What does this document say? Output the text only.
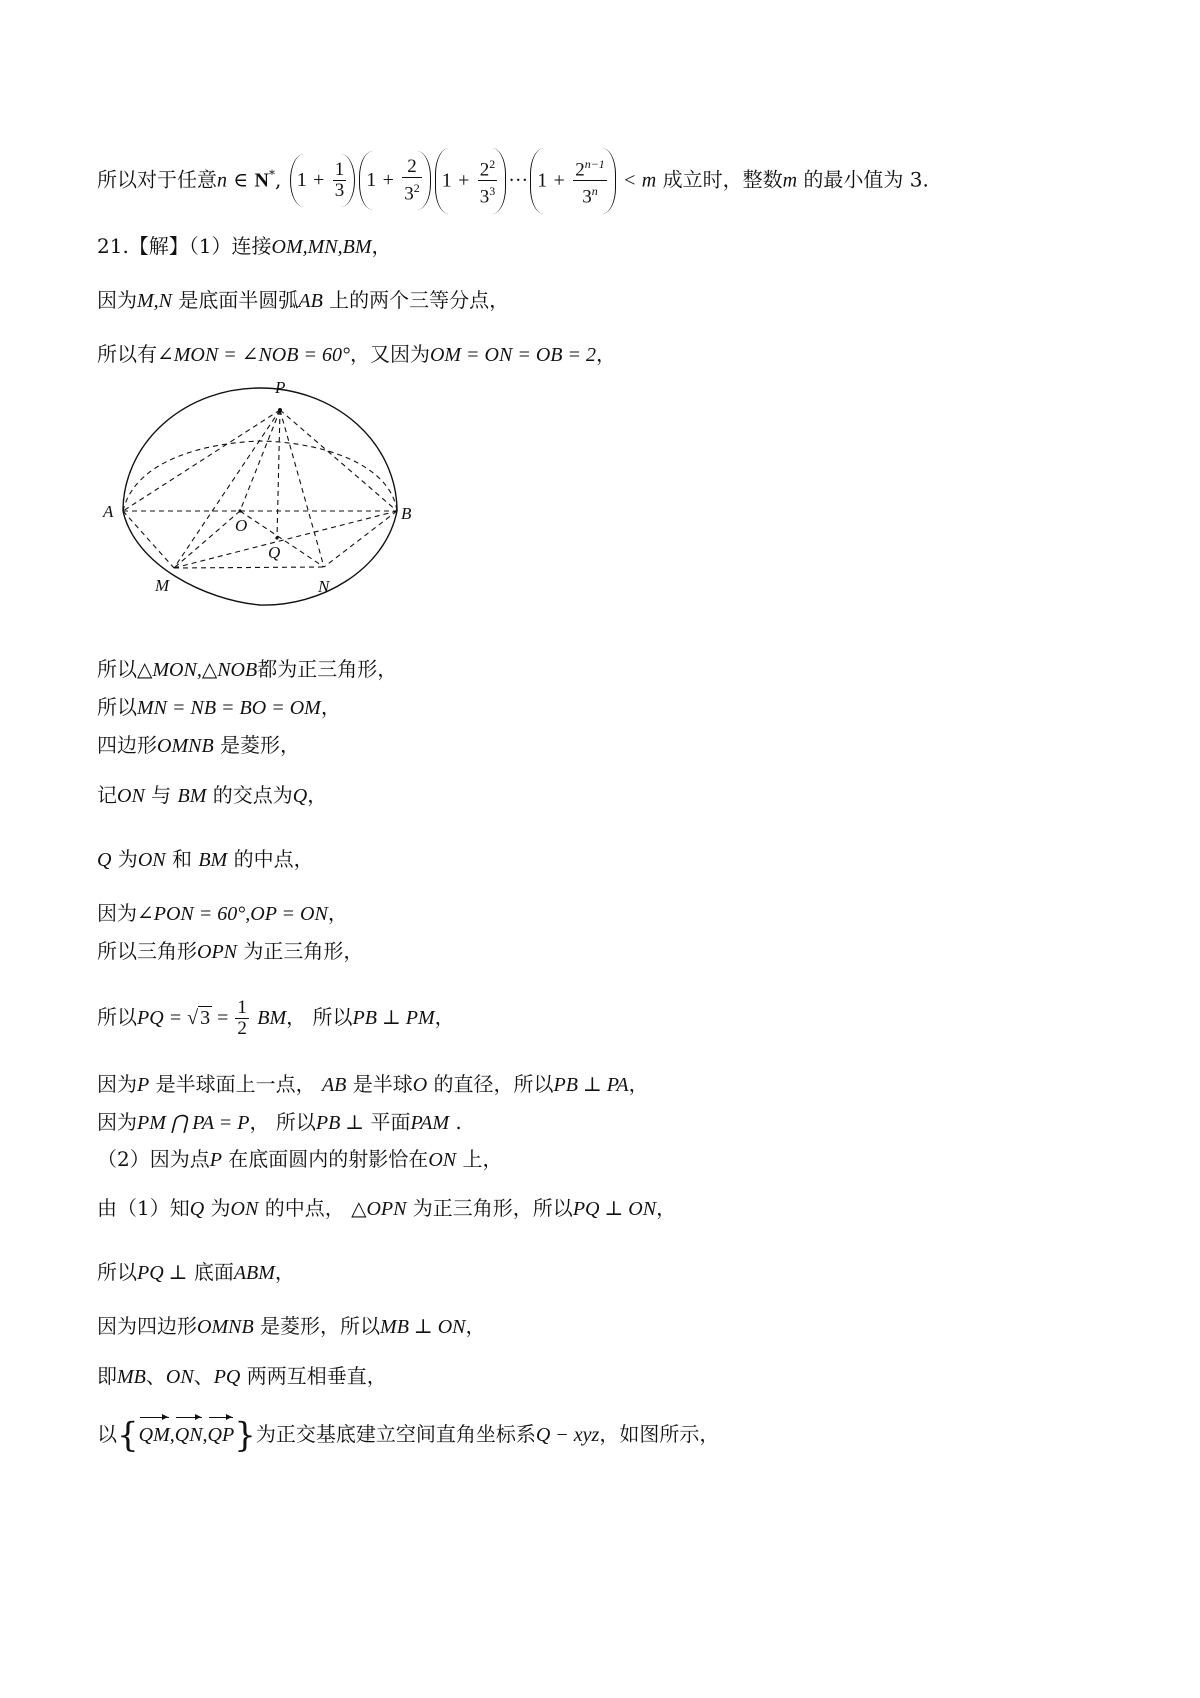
所以对于任意n ∈ N*, $1 + \frac{1}{3} 1 + \frac{2}{3^2} 1 + \frac{2^2}{3^3}$ ··· $1 + \frac{2^{n-1}}{3^n} < m$ 成立时，整数m 的最小值为 3.
21.【解】（1）连接OM,MN,BM，
因为M,N 是底面半圆弧AB 上的两个三等分点，
所以有∠MON = ∠NOB = 60°，又因为OM = ON = OB = 2，
P
A	B
O
Q
M	N
所以△MON,△NOB都为正三角形，
所以MN = NB = BO = OM，
四边形OMNB 是菱形，
记ON 与 BM 的交点为Q，
Q 为ON 和 BM 的中点，
因为∠PON = 60°,OP = ON，
所以三角形OPN 为正三角形，
所以PQ = √ $3 = \frac{1}{2}$ BM， 所以PB ⊥ PM，
因为P 是半球面上一点， AB 是半球O 的直径，所以PB ⊥ PA，
因为PM ⋂ PA = P， 所以PB ⊥ 平面PAM .
（2）因为点P 在底面圆内的射影恰在ON 上，
由（1）知Q 为ON 的中点， △OPN 为正三角形，所以PQ ⊥ ON，
所以PQ ⊥ 底面ABM，
因为四边形OMNB 是菱形，所以MB ⊥ ON，
即MB、ON、PQ 两两互相垂直，
以{QM,QN,QP}为正交基底建立空间直角坐标系Q − xyz，如图所示，
